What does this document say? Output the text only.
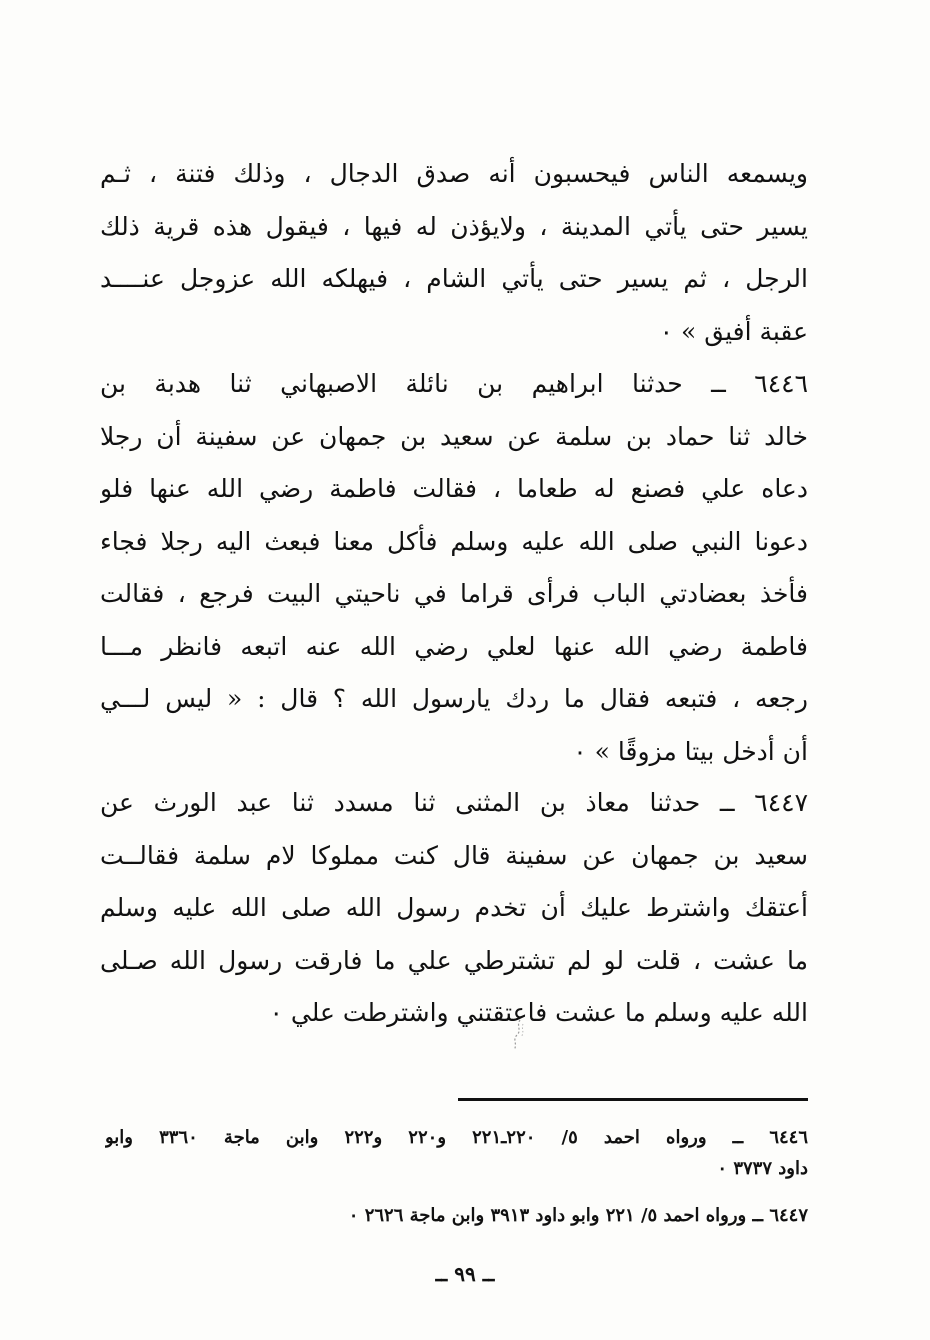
ويسمعه الناس فيحسبون أنه صدق الدجال ، وذلك فتنة ، ثـم
يسير حتى يأتي المدينة ، ولايؤذن له فيها ، فيقول هذه قرية ذلك
الرجل ، ثم يسير حتى يأتي الشام ، فيهلكه الله عزوجل عنــــد
عقبة أفيق » ٠
٦٤٤٦ ــ حدثنا ابراهيم بن نائلة الاصبهاني ثنا هدبة بن
خالد ثنا حماد بن سلمة عن سعيد بن جمهان عن سفينة أن رجلا
دعاه علي فصنع له طعاما ، فقالت فاطمة رضي الله عنها فلو
دعونا النبي صلى الله عليه وسلم فأكل معنا فبعث اليه رجلا فجاء
فأخذ بعضادتي الباب فرأى قراما في ناحيتي البيت فرجع ، فقالت
فاطمة رضي الله عنها لعلي رضي الله عنه اتبعه فانظر مـــا
رجعه ، فتبعه فقال ما ردك يارسول الله ؟ قال : « ليس لـــي
أن أدخل بيتا مزوقًا » ٠
٦٤٤٧ ــ حدثنا معاذ بن المثنى ثنا مسدد ثنا عبد الورث عن
سعيد بن جمهان عن سفينة قال كنت مملوكا لام سلمة فقالــت
أعتقك واشترط عليك أن تخدم رسول الله صلى الله عليه وسلم
ما عشت ، قلت لو لم تشترطي علي ما فارقت رسول الله صـلى
الله عليه وسلم ما عشت فاعتقتني واشترطت علي ٠
٦٤٤٦ ــ ورواه احمد ٥/ ٢٢٠ـ٢٢١ و٢٢٠ و٢٢٢ وابن ماجة ٣٣٦٠ وابو
داود ٣٧٣٧ ٠
٦٤٤٧ ــ ورواه احمد ٥/ ٢٢١ وابو داود ٣٩١٣ وابن ماجة ٢٦٢٦ ٠
ــ ٩٩ ــ
